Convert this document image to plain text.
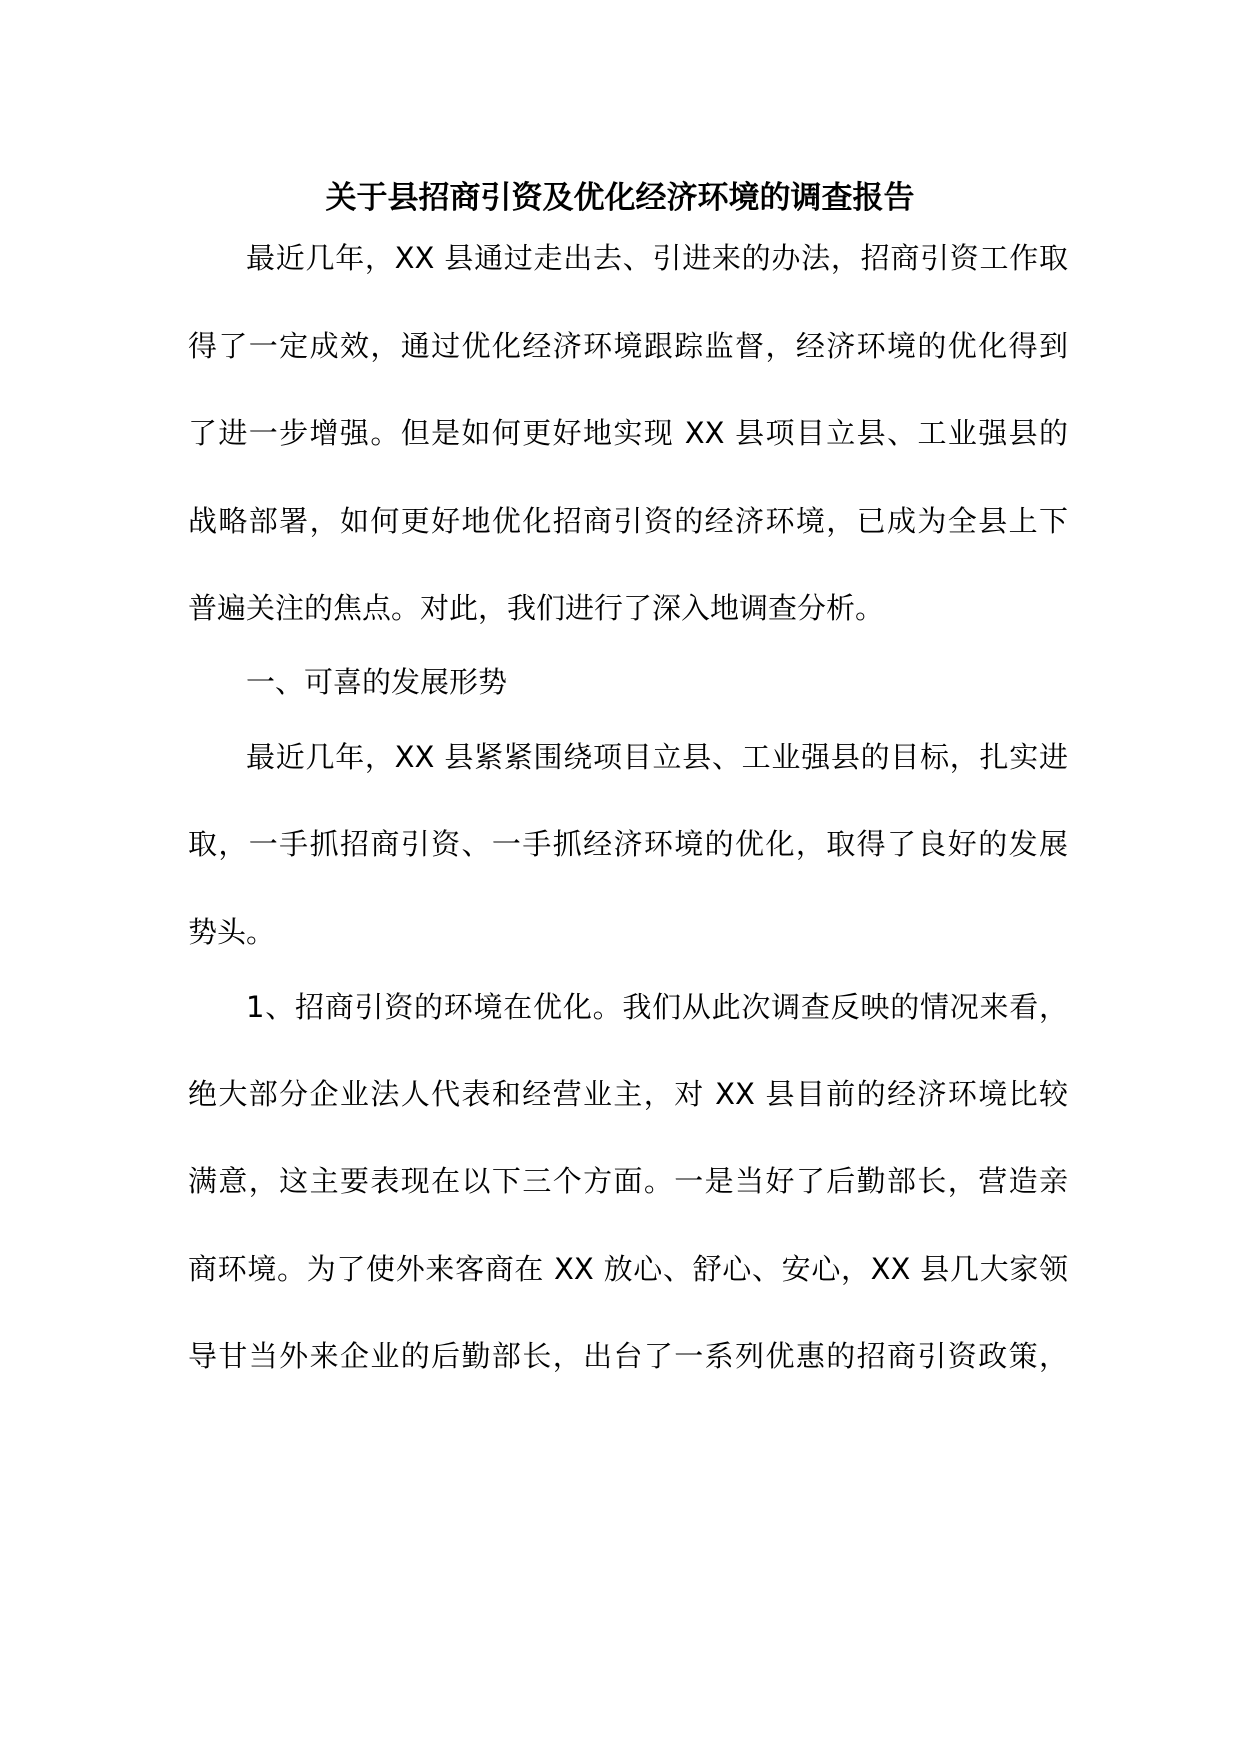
关于县招商引资及优化经济环境的调查报告
最近几年，XX 县通过走出去、引进来的办法，招商引资工作取
得了一定成效，通过优化经济环境跟踪监督，经济环境的优化得到
了进一步增强。但是如何更好地实现 XX 县项目立县、工业强县的
战略部署，如何更好地优化招商引资的经济环境，已成为全县上下
普遍关注的焦点。对此，我们进行了深入地调查分析。
一、可喜的发展形势
最近几年，XX 县紧紧围绕项目立县、工业强县的目标，扎实进
取，一手抓招商引资、一手抓经济环境的优化，取得了良好的发展
势头。
1、招商引资的环境在优化。我们从此次调查反映的情况来看，
绝大部分企业法人代表和经营业主，对 XX 县目前的经济环境比较
满意，这主要表现在以下三个方面。一是当好了后勤部长，营造亲
商环境。为了使外来客商在 XX 放心、舒心、安心，XX 县几大家领
导甘当外来企业的后勤部长，出台了一系列优惠的招商引资政策，
